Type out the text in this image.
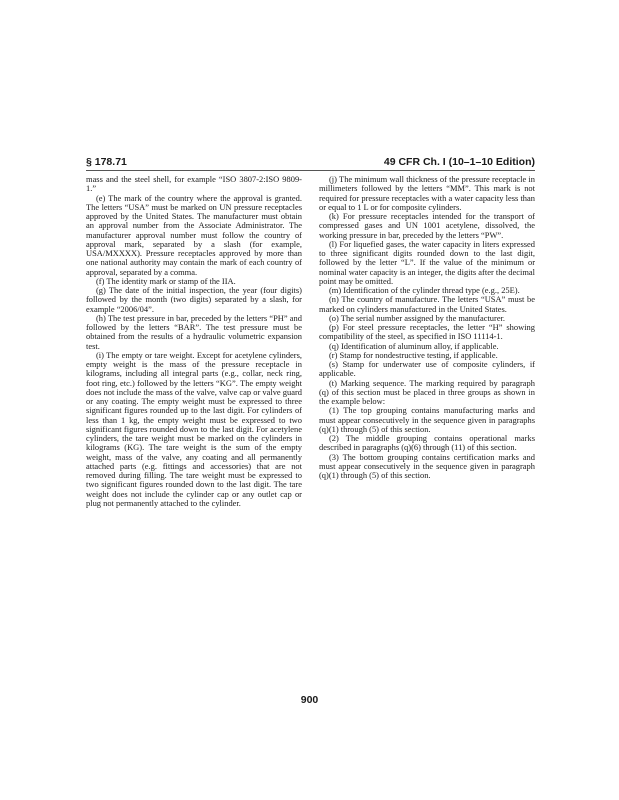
§ 178.71	49 CFR Ch. I (10–1–10 Edition)

mass and the steel shell, for example “ISO 3807-2:ISO 9809-1.”

(e) The mark of the country where the approval is granted. The letters “USA” must be marked on UN pressure receptacles approved by the United States. The manufacturer must obtain an approval number from the Associate Administrator. The manufacturer approval number must follow the country of approval mark, separated by a slash (for example, USA/MXXXX). Pressure receptacles approved by more than one national authority may contain the mark of each country of approval, separated by a comma.

(f) The identity mark or stamp of the IIA.

(g) The date of the initial inspection, the year (four digits) followed by the month (two digits) separated by a slash, for example “2006/04”.

(h) The test pressure in bar, preceded by the letters “PH” and followed by the letters “BAR”. The test pressure must be obtained from the results of a hydraulic volumetric expansion test.

(i) The empty or tare weight. Except for acetylene cylinders, empty weight is the mass of the pressure receptacle in kilograms, including all integral parts (e.g., collar, neck ring, foot ring, etc.) followed by the letters “KG”. The empty weight does not include the mass of the valve, valve cap or valve guard or any coating. The empty weight must be expressed to three significant figures rounded up to the last digit. For cylinders of less than 1 kg, the empty weight must be expressed to two significant figures rounded down to the last digit. For acetylene cylinders, the tare weight must be marked on the cylinders in kilograms (KG). The tare weight is the sum of the empty weight, mass of the valve, any coating and all permanently attached parts (e.g. fittings and accessories) that are not removed during filling. The tare weight must be expressed to two significant figures rounded down to the last digit. The tare weight does not include the cylinder cap or any outlet cap or plug not permanently attached to the cylinder.

(j) The minimum wall thickness of the pressure receptacle in millimeters followed by the letters “MM”. This mark is not required for pressure receptacles with a water capacity less than or equal to 1 L or for composite cylinders.

(k) For pressure receptacles intended for the transport of compressed gases and UN 1001 acetylene, dissolved, the working pressure in bar, preceded by the letters “PW”.

(l) For liquefied gases, the water capacity in liters expressed to three significant digits rounded down to the last digit, followed by the letter “L”. If the value of the minimum or nominal water capacity is an integer, the digits after the decimal point may be omitted.

(m) Identification of the cylinder thread type (e.g., 25E).

(n) The country of manufacture. The letters “USA” must be marked on cylinders manufactured in the United States.

(o) The serial number assigned by the manufacturer.

(p) For steel pressure receptacles, the letter “H” showing compatibility of the steel, as specified in ISO 11114-1.

(q) Identification of aluminum alloy, if applicable.

(r) Stamp for nondestructive testing, if applicable.

(s) Stamp for underwater use of composite cylinders, if applicable.

(t) Marking sequence. The marking required by paragraph (q) of this section must be placed in three groups as shown in the example below:

(1) The top grouping contains manufacturing marks and must appear consecutively in the sequence given in paragraphs (q)(1) through (5) of this section.

(2) The middle grouping contains operational marks described in paragraphs (q)(6) through (11) of this section.

(3) The bottom grouping contains certification marks and must appear consecutively in the sequence given in paragraph (q)(1) through (5) of this section.

900
